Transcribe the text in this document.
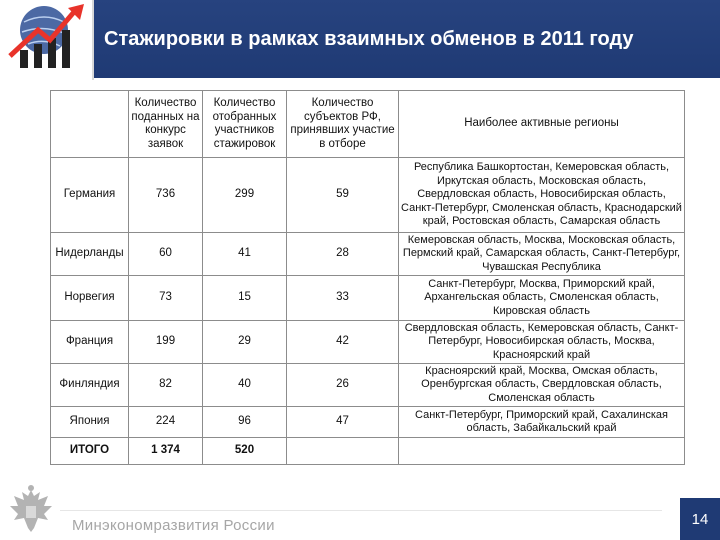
Стажировки в рамках взаимных обменов в 2011 году
	Количество поданных на конкурс заявок	Количество отобранных участников стажировок	Количество субъектов РФ, принявших участие в отборе	Наиболее активные регионы
Германия	736	299	59	Республика Башкортостан, Кемеровская область, Иркутская область, Московская область, Свердловская область, Новосибирская область, Санкт-Петербург, Смоленская область, Краснодарский край, Ростовская область, Самарская область
Нидерланды	60	41	28	Кемеровская область, Москва, Московская область, Пермский край, Самарская область, Санкт-Петербург, Чувашская Республика
Норвегия	73	15	33	Санкт-Петербург, Москва, Приморский край, Архангельская область, Смоленская область, Кировская область
Франция	199	29	42	Свердловская область, Кемеровская область, Санкт-Петербург, Новосибирская область, Москва, Красноярский край
Финляндия	82	40	26	Красноярский край, Москва, Омская область, Оренбургская область, Свердловская область, Смоленская область
Япония	224	96	47	Санкт-Петербург, Приморский край, Сахалинская область, Забайкальский край
ИТОГО	1 374	520		
Минэкономразвития России	14
